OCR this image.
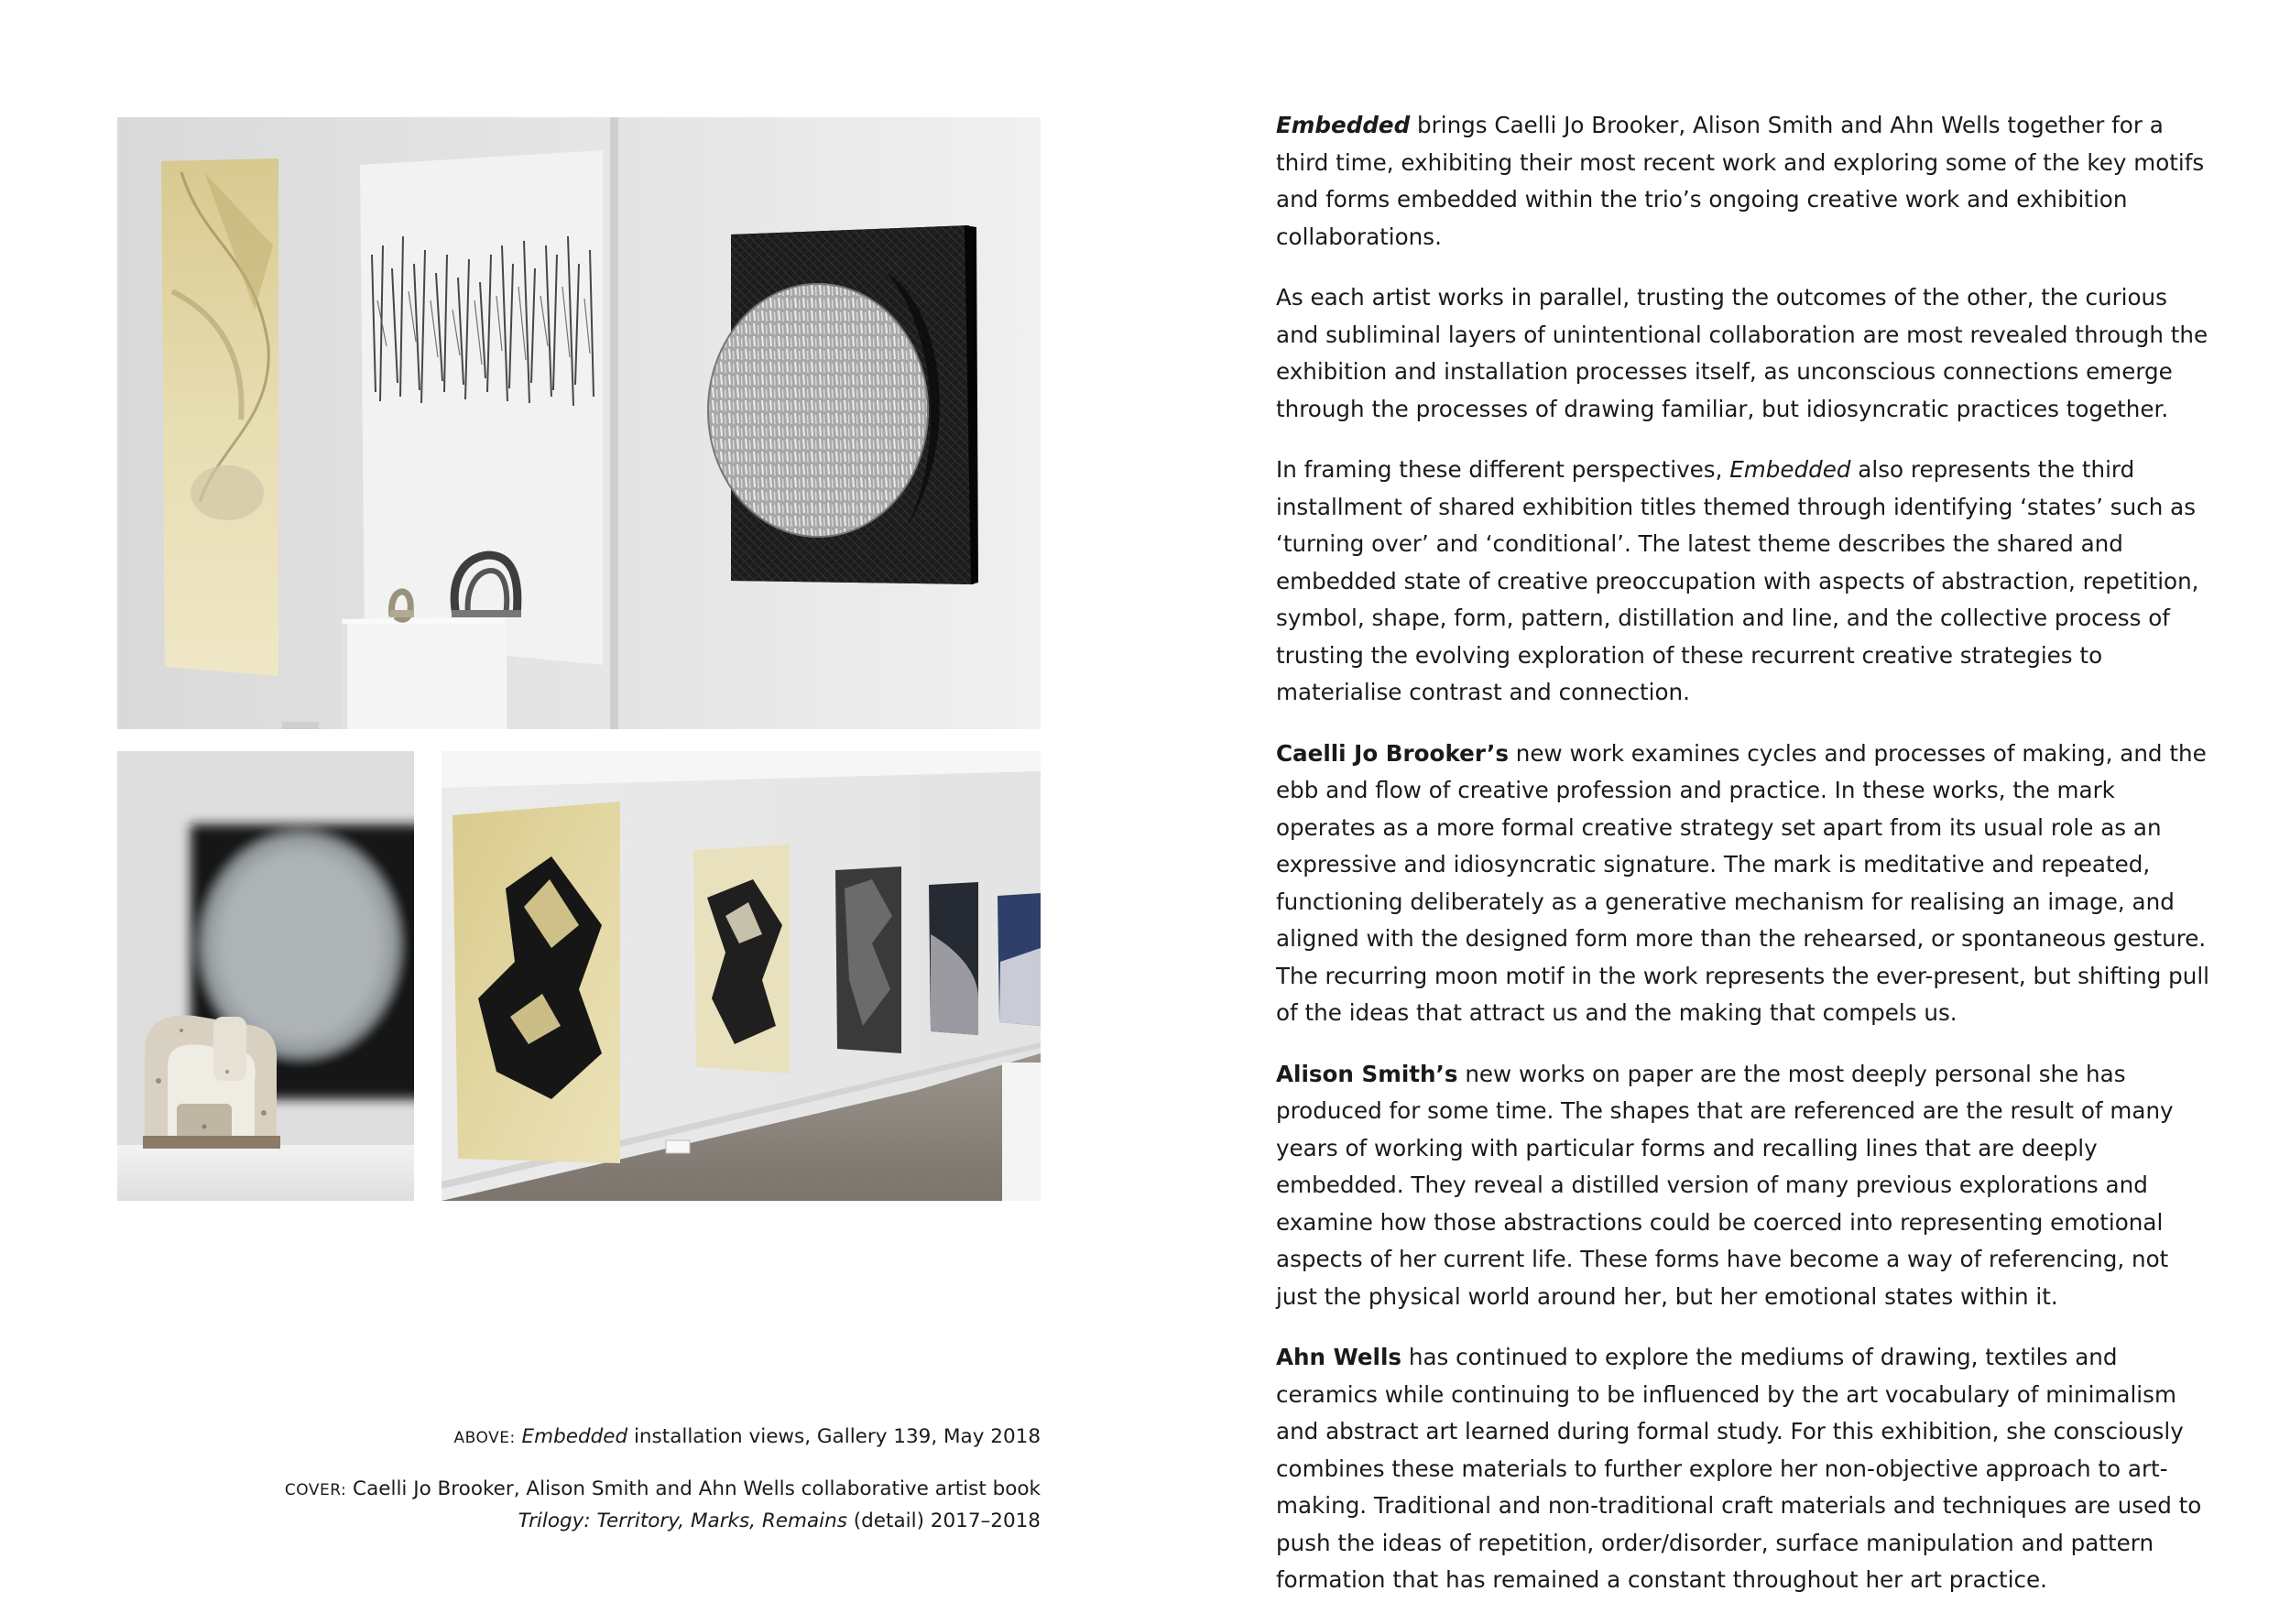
ABOVE: Embedded installation views, Gallery 139, May 2018

COVER: Caelli Jo Brooker, Alison Smith and Ahn Wells collaborative artist book
Trilogy: Territory, Marks, Remains (detail) 2017–2018

Embedded brings Caelli Jo Brooker, Alison Smith and Ahn Wells together for a third time, exhibiting their most recent work and exploring some of the key motifs and forms embedded within the trio’s ongoing creative work and exhibition collaborations.

As each artist works in parallel, trusting the outcomes of the other, the curious and subliminal layers of unintentional collaboration are most revealed through the exhibition and installation processes itself, as unconscious connections emerge through the processes of drawing familiar, but idiosyncratic practices together.

In framing these different perspectives, Embedded also represents the third installment of shared exhibition titles themed through identifying ‘states’ such as ‘turning over’ and ‘conditional’. The latest theme describes the shared and embedded state of creative preoccupation with aspects of abstraction, repetition, symbol, shape, form, pattern, distillation and line, and the collective process of trusting the evolving exploration of these recurrent creative strategies to materialise contrast and connection.

Caelli Jo Brooker’s new work examines cycles and processes of making, and the ebb and flow of creative profession and practice. In these works, the mark operates as a more formal creative strategy set apart from its usual role as an expressive and idiosyncratic signature. The mark is meditative and repeated, functioning deliberately as a generative mechanism for realising an image, and aligned with the designed form more than the rehearsed, or spontaneous gesture. The recurring moon motif in the work represents the ever-present, but shifting pull of the ideas that attract us and the making that compels us.

Alison Smith’s new works on paper are the most deeply personal she has produced for some time. The shapes that are referenced are the result of many years of working with particular forms and recalling lines that are deeply embedded. They reveal a distilled version of many previous explorations and examine how those abstractions could be coerced into representing emotional aspects of her current life. These forms have become a way of referencing, not just the physical world around her, but her emotional states within it.

Ahn Wells has continued to explore the mediums of drawing, textiles and ceramics while continuing to be influenced by the art vocabulary of minimalism and abstract art learned during formal study. For this exhibition, she consciously combines these materials to further explore her non-objective approach to art-making. Traditional and non-traditional craft materials and techniques are used to push the ideas of repetition, order/disorder, surface manipulation and pattern formation that has remained a constant throughout her art practice.
